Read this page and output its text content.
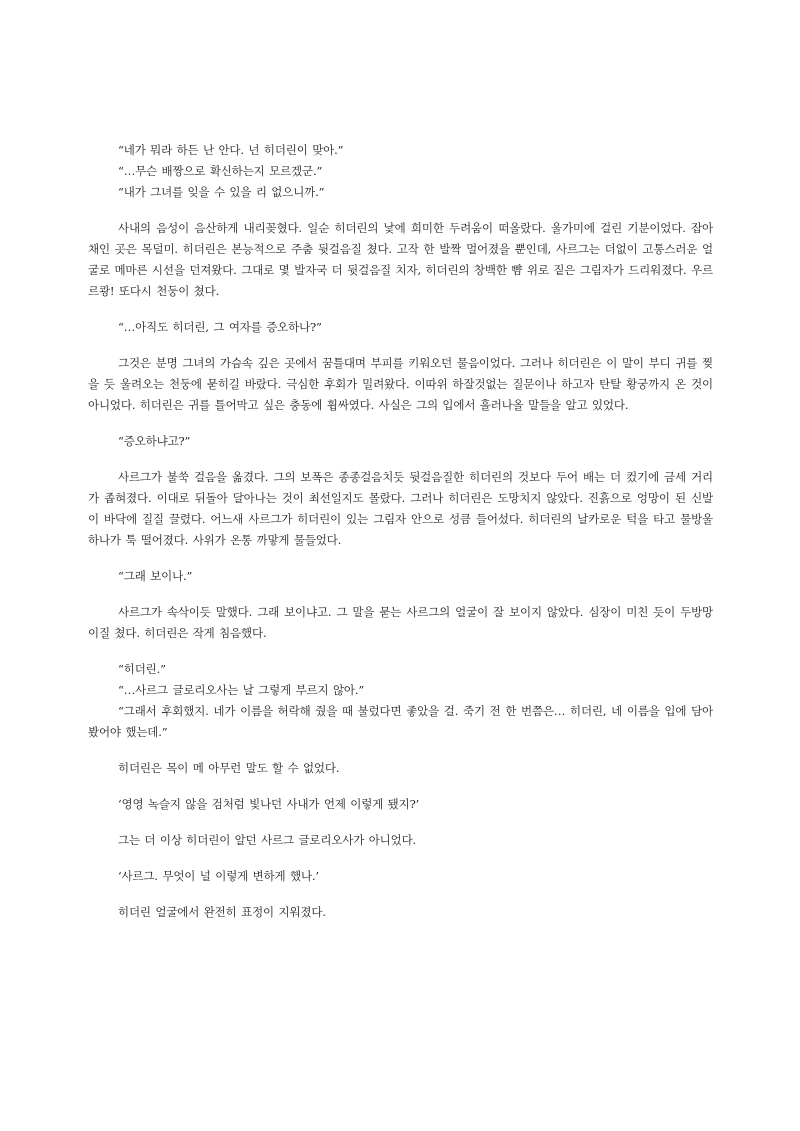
“네가 뭐라 하든 난 안다. 넌 히더린이 맞아.”

“…무슨 배짱으로 확신하는지 모르겠군.”

“내가 그녀를 잊을 수 있을 리 없으니까.”

사내의 음성이 음산하게 내리꽂혔다. 일순 히더린의 낯에 희미한 두려움이 떠올랐다. 울가미에 걸린 기분이었다. 잡아채인 곳은 목덜미. 히더린은 본능적으로 주춤 뒷걸음질 쳤다. 고작 한 발짝 멀어졌을 뿐인데, 사르그는 더없이 고통스러운 얼굴로 메마른 시선을 던져왔다. 그대로 몇 발자국 더 뒷걸음질 치자, 히더린의 창백한 뺨 위로 짙은 그림자가 드리워졌다. 우르르쾅! 또다시 천둥이 쳤다.

“…아직도 히더린, 그 여자를 증오하나?”

그것은 분명 그녀의 가슴속 깊은 곳에서 꿈틀대며 부피를 키워오던 물음이었다. 그러나 히더린은 이 말이 부디 귀를 찢을 듯 울려오는 천둥에 묻히길 바랐다. 극심한 후회가 밀려왔다. 이따위 하잘것없는 질문이나 하고자 탄탈 황궁까지 온 것이 아니었다. 히더린은 귀를 틀어막고 싶은 충동에 휩싸였다. 사실은 그의 입에서 흘러나올 말들을 알고 있었다.

“증오하냐고?”

사르그가 불쑥 걸음을 옮겼다. 그의 보폭은 종종걸음치듯 뒷걸음질한 히더린의 것보다 두어 배는 더 컸기에 금세 거리가 좁혀졌다. 이대로 뒤돌아 달아나는 것이 최선일지도 몰랐다. 그러나 히더린은 도망치지 않았다. 진흙으로 엉망이 된 신발이 바닥에 질질 끌렸다. 어느새 사르그가 히더린이 있는 그림자 안으로 성큼 들어섰다. 히더린의 날카로운 턱을 타고 물방울 하나가 툭 떨어졌다. 사위가 온통 까맣게 물들었다.

“그래 보이나.”

사르그가 속삭이듯 말했다. 그래 보이냐고. 그 말을 묻는 사르그의 얼굴이 잘 보이지 않았다. 심장이 미친 듯이 두방망이질 쳤다. 히더린은 작게 침음했다.

“히더린.”

“…사르그 글로리오사는 날 그렇게 부르지 않아.”

“그래서 후회했지. 네가 이름을 허락해 줬을 때 불렀다면 좋았을 걸. 죽기 전 한 번쯤은… 히더린, 네 이름을 입에 담아봤어야 했는데.”

히더린은 목이 메 아무런 말도 할 수 없었다.

‘영영 녹슬지 않을 검처럼 빛나던 사내가 언제 이렇게 됐지?’

그는 더 이상 히더린이 알던 사르그 글로리오사가 아니었다.

‘사르그. 무엇이 널 이렇게 변하게 했나.’

히더린 얼굴에서 완전히 표정이 지워졌다.
